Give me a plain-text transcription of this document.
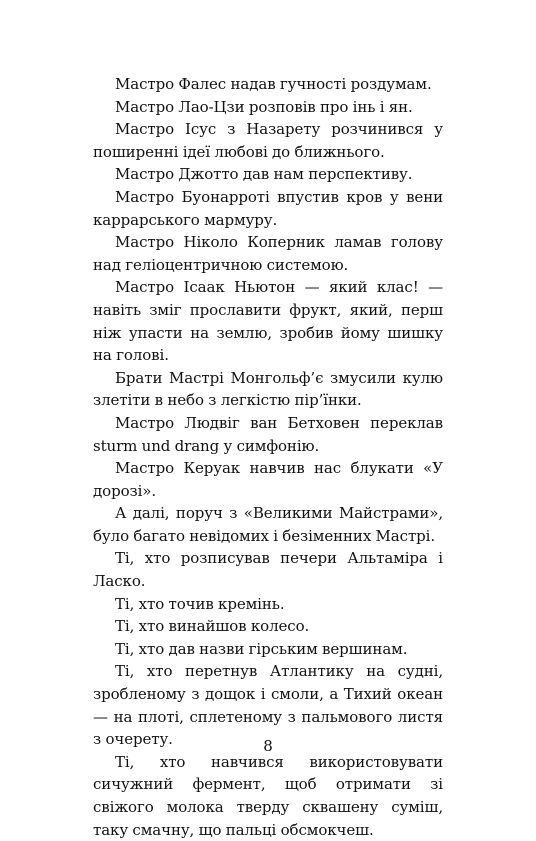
Мастро Фалес надав гучності роздумам.

Мастро Лао-Цзи розповів про інь і ян.

Мастро Ісус з Назарету розчинився у поширенні ідеї любові до ближнього.

Мастро Джотто дав нам перспективу.

Мастро Буонарроті впустив кров у вени каррарського мармуру.

Мастро Ніколо Коперник ламав голову над геліоцентричною системою.

Мастро Ісаак Ньютон — який клас! — навіть зміг прославити фрукт, який, перш ніж упасти на землю, зробив йому шишку на голові.

Брати Мастрі Монгольф’є змусили кулю злетіти в небо з легкістю пір’їнки.

Мастро Людвіг ван Бетховен переклав sturm und drang у симфонію.

Мастро Керуак навчив нас блукати «У дорозі».

А далі, поруч з «Великими Майстрами», було багато невідомих і безіменних Мастрі.

Ті, хто розписував печери Альтаміра і Ласко.

Ті, хто точив кремінь.

Ті, хто винайшов колесо.

Ті, хто дав назви гірським вершинам.

Ті, хто перетнув Атлантику на судні, зробленому з дощок і смоли, а Тихий океан — на плоті, сплетеному з пальмового листя з очерету.

Ті, хто навчився використовувати сичужний фермент, щоб отримати зі свіжого молока тверду сквашену суміш, таку смачну, що пальці обсмокчеш.

8
